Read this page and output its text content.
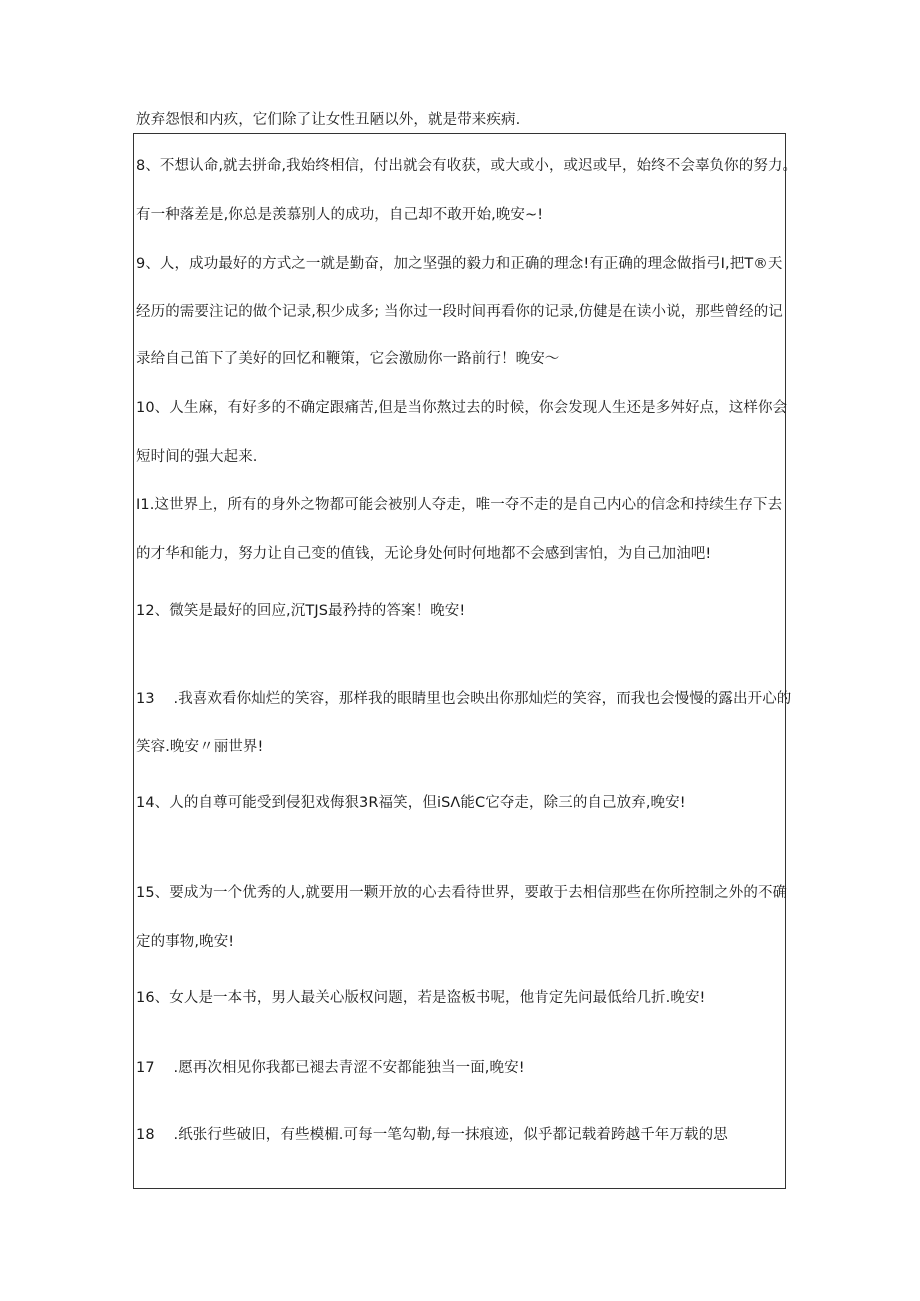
放弃怨恨和内疚，它们除了让女性丑陋以外，就是带来疾病.
8、不想认命,就去拼命,我始终相信，付出就会有收获，或大或小，或迟或早，始终不会辜负你的努力。
有一种落差是,你总是羡慕别人的成功，自己却不敢开始,晚安~!
9、人，成功最好的方式之一就是勤奋，加之坚强的毅力和正确的理念!有正确的理念做指弓I,把T®天
经历的需要注记的做个记录,积少成多; 当你过一段时间再看你的记录,仿健是在读小说，那些曾经的记
录给自己笛下了美好的回忆和鞭策，它会激励你一路前行！晚安〜
10、人生麻，有好多的不确定跟痛苦,但是当你熬过去的时候，你会发现人生还是多舛好点，这样你会
短时间的强大起来.
I1.这世界上，所有的身外之物都可能会被别人夺走，唯一夺不走的是自己内心的信念和持续生存下去
的才华和能力，努力让自己变的值钱，无论身处何时何地都不会感到害怕，为自己加油吧!
12、微笑是最好的回应,沉TJS最矜持的答案！晚安!
13    .我喜欢看你灿烂的笑容，那样我的眼睛里也会映出你那灿烂的笑容，而我也会慢慢的露出开心的
笑容.晚安〃丽世界!
14、人的自尊可能受到侵犯戏侮狠3R福笑，但iSΛ能C它夺走，除三的自己放弃,晚安!
15、要成为一个优秀的人,就要用一颗开放的心去看待世界，要敢于去相信那些在你所控制之外的不确
定的事物,晚安!
16、女人是一本书，男人最关心版权问题，若是盗板书呢，他肯定先问最低给几折.晚安!
17    .愿再次相见你我都已褪去青涩不安都能独当一面,晚安!
18    .纸张行些破旧，有些模楣.可每一笔勾勒,每一抹痕迹，似乎都记载着跨越千年万载的思
